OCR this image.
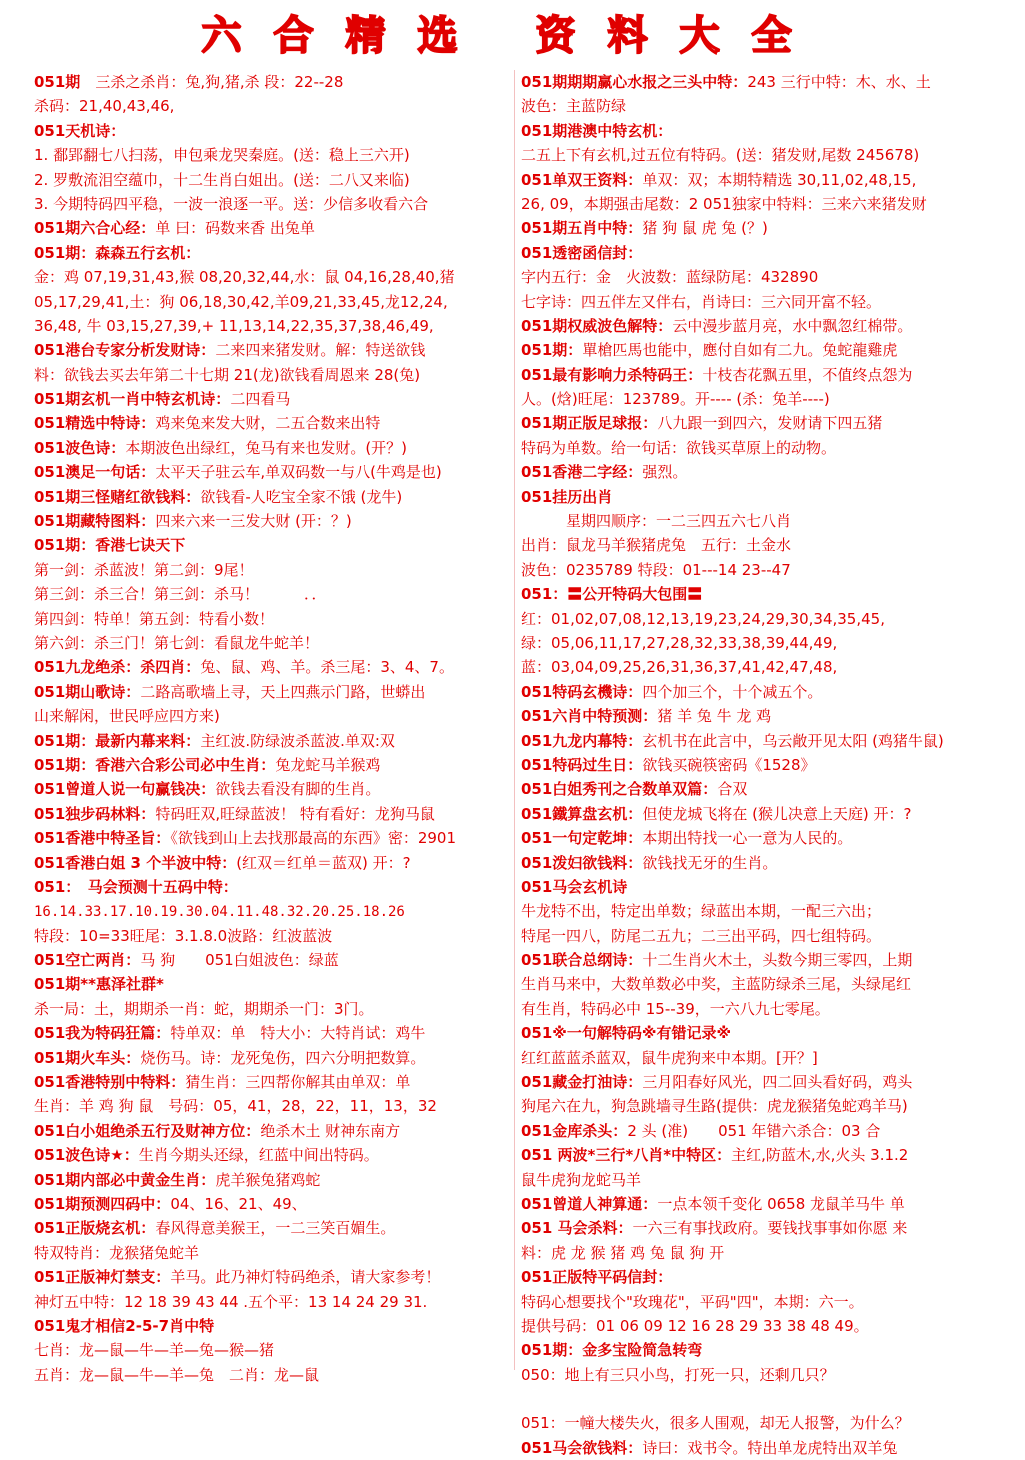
六合精选 资料大全
051期　三杀之杀肖：兔,狗,猪,杀 段：22--28
杀码：21,40,43,46,
051天机诗：
1. 鄱郢翻七八扫荡，申包乘龙哭秦庭。(送：稳上三六开)
2. 罗敷流泪空蕴巾，十二生肖白姐出。(送：二八又来临)
3. 今期特码四平稳，一波一浪逐一平。送：少信多收看六合
051期六合心经：单 曰：码数来香 出兔单
051期：森森五行玄机：
金：鸡 07,19,31,43,猴 08,20,32,44,水：鼠 04,16,28,40,猪
05,17,29,41,土：狗 06,18,30,42,羊09,21,33,45,龙12,24,
36,48, 牛 03,15,27,39,+ 11,13,14,22,35,37,38,46,49,
051港台专家分析发财诗：二来四来猪发财。解：特送欲钱
料：欲钱去买去年第二十七期 21(龙)欲钱看周恩来 28(兔)
051期玄机一肖中特玄机诗：二四看马
051精选中特诗：鸡来兔来发大财，二五合数来出特
051波色诗：本期波色出绿红，兔马有来也发财。(开？)
051澳足一句话：太平天子驻云车,单双码数一与八(牛鸡是也)
051期三怪赌红欲钱料：欲钱看-人吃宝全家不饿 (龙牛)
051期藏特图料：四来六来一三发大财 (开：？)
051期：香港七诀天下
第一剑：杀蓝波！第二剑：9尾！
第三剑：杀三合！第三剑：杀马！　　　．．
第四剑：特单！第五剑：特看小数！
第六剑：杀三门！第七剑：看鼠龙牛蛇羊！
051九龙绝杀：杀四肖：兔、鼠、鸡、羊。杀三尾：3、4、7。
051期山歌诗：二路高歌墙上寻，天上四燕示门路，世蟒出
山来解闲，世民呼应四方来)
051期：最新内幕来料：主红波.防绿波杀蓝波.单双:双
051期：香港六合彩公司必中生肖：兔龙蛇马羊猴鸡
051曾道人说一句赢钱决：欲钱去看没有脚的生肖。
051独步码林料：特码旺双,旺绿蓝波！ 特有看好：龙狗马鼠
051香港中特圣旨：《欲钱到山上去找那最高的东西》密：2901
051香港白姐 3 个半波中特：(红双＝红单＝蓝双) 开：?
051：　马会预测十五码中特：
16.14.33.17.10.19.30.04.11.48.32.20.25.18.26
特段：10=33旺尾：3.1.8.0波路：红波蓝波
051空亡两肖：马 狗　　051白姐波色：绿蓝
051期**惠泽社群*
杀一局：土，期期杀一肖：蛇，期期杀一门：3门。
051我为特码狂篇：特单双：单　特大小：大特肖试：鸡牛
051期火车头：烧伤马。诗：龙死兔伤，四六分明把数算。
051香港特别中特料：猜生肖：三四帮你解其由单双：单
生肖：羊 鸡 狗 鼠　号码：05，41，28，22，11，13，32
051白小姐绝杀五行及财神方位：绝杀木土 财神东南方
051波色诗★：生肖今期头还绿，红蓝中间出特码。
051期内部必中黄金生肖：虎羊猴兔猪鸡蛇
051期预测四码中：04、16、21、49、
051正版烧玄机：春风得意美猴王，一二三笑百媚生。
特双特肖：龙猴猪兔蛇羊
051正版神灯禁支：羊马。此乃神灯特码绝杀，请大家参考！
神灯五中特：12 18 39 43 44 .五个平：13 14 24 29 31.
051鬼才相信2-5-7肖中特
七肖：龙—鼠—牛—羊—兔—猴—猪
五肖：龙—鼠—牛—羊—兔　二肖：龙—鼠
051期期期赢心水报之三头中特：243 三行中特：木、水、土
波色：主蓝防绿
051期港澳中特玄机：
二五上下有玄机,过五位有特码。(送：猪发财,尾数 245678)
051单双王资料：单双：双；本期特精选 30,11,02,48,15,
26, 09，本期强击尾数：2 051独家中特料：三来六来猪发财
051期五肖中特：猪 狗 鼠 虎 兔 (？)
051透密函信封：
字内五行：金　火波数：蓝绿防尾：432890
七字诗：四五伴左又伴右，肖诗曰：三六同开富不轻。
051期权威波色解特：云中漫步蓝月亮，水中飘忽红棉带。
051期：單槍匹馬也能中，應付自如有二九。兔蛇龍雞虎
051最有影响力杀特码王：十枝杏花飘五里，不值终点怨为
人。(焓)旺尾：123789。开---- (杀：兔羊----)
051期正版足球报：八九跟一到四六，发财请下四五猪
特码为单数。给一句话：欲钱买草原上的动物。
051香港二字经：强烈。
051挂历出肖
　　　星期四顺序：一二三四五六七八肖
出肖：鼠龙马羊猴猪虎兔　五行：土金水
波色：0235789 特段：01---14 23--47
051：〓公开特码大包围〓
红：01,02,07,08,12,13,19,23,24,29,30,34,35,45,
绿：05,06,11,17,27,28,32,33,38,39,44,49,
蓝：03,04,09,25,26,31,36,37,41,42,47,48,
051特码玄機诗：四个加三个，十个减五个。
051六肖中特预测：猪 羊 兔 牛 龙 鸡
051九龙内幕特：玄机书在此言中，乌云敞开见太阳 (鸡猪牛鼠)
051特码过生日：欲钱买碗筷密码《1528》
051白姐秀刊之合数单双篇：合双
051鐵算盘玄机：但使龙城飞将在 (猴儿决意上天庭) 开：?
051一句定乾坤：本期出特找一心一意为人民的。
051泼妇欲钱料：欲钱找无牙的生肖。
051马会玄机诗
牛龙特不出，特定出单数；绿蓝出本期，一配三六出；
特尾一四八，防尾二五九；二三出平码，四七组特码。
051联合总纲诗：十二生肖火木土，头数今期三零四，上期
生肖马来中，大数单数必中奖，主蓝防绿杀三尾，头绿尾红
有生肖，特码必中 15--39，一六八九七零尾。
051※一句解特码※有错记录※
红红蓝蓝杀蓝双，鼠牛虎狗来中本期。[开？]
051藏金打油诗：三月阳春好风光，四二回头看好码，鸡头
狗尾六在九，狗急跳墙寻生路(提供：虎龙猴猪兔蛇鸡羊马)
051金库杀头：2 头 (准)　　051 年错六杀合：03 合
051 两波*三行*八肖*中特区：主红,防蓝木,水,火头 3.1.2
鼠牛虎狗龙蛇马羊
051曾道人神算通：一点本领千变化 0658 龙鼠羊马牛 单
051 马会杀料：一六三有事找政府。要钱找事事如你愿 来
料：虎 龙 猴 猪 鸡 兔 鼠 狗 开
051正版特平码信封：
特码心想要找个"玫瑰花"，平码"四"，本期：六一。
提供号码：01 06 09 12 16 28 29 33 38 48 49。
051期：金多宝险简急转弯
050：地上有三只小鸟，打死一只，还剩几只？
051：一幢大楼失火，很多人围观，却无人报警，为什么？
051马会欲钱料：诗曰：戏书令。特出单龙虎特出双羊兔
